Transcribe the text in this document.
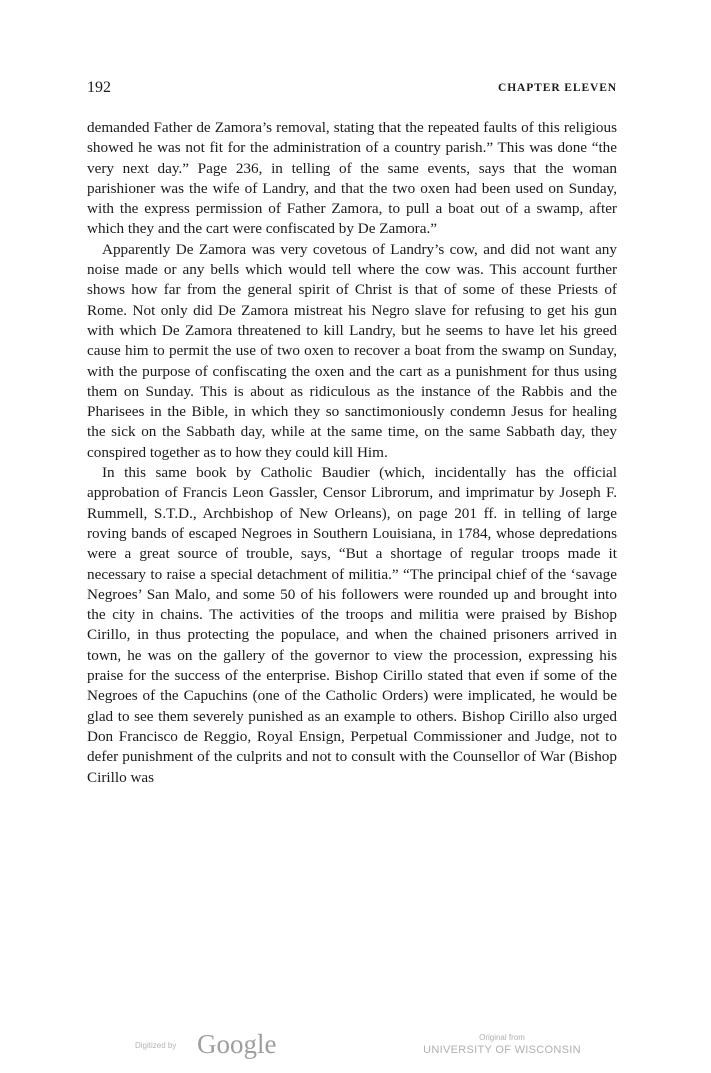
192	CHAPTER ELEVEN

demanded Father de Zamora’s removal, stating that the repeated faults of this religious showed he was not fit for the administration of a country parish.” This was done “the very next day.” Page 236, in telling of the same events, says that the woman parishioner was the wife of Landry, and that the two oxen had been used on Sunday, with the express permission of Father Zamora, to pull a boat out of a swamp, after which they and the cart were confiscated by De Zamora.”

Apparently De Zamora was very covetous of Landry’s cow, and did not want any noise made or any bells which would tell where the cow was. This account further shows how far from the general spirit of Christ is that of some of these Priests of Rome. Not only did De Zamora mistreat his Negro slave for refusing to get his gun with which De Zamora threatened to kill Landry, but he seems to have let his greed cause him to permit the use of two oxen to recover a boat from the swamp on Sunday, with the purpose of confiscating the oxen and the cart as a punishment for thus using them on Sunday. This is about as ridiculous as the instance of the Rabbis and the Pharisees in the Bible, in which they so sanctimoniously condemn Jesus for healing the sick on the Sabbath day, while at the same time, on the same Sabbath day, they conspired together as to how they could kill Him.

In this same book by Catholic Baudier (which, incidentally has the official approbation of Francis Leon Gassler, Censor Librorum, and imprimatur by Joseph F. Rummell, S.T.D., Archbishop of New Orleans), on page 201 ff. in telling of large roving bands of escaped Negroes in Southern Louisiana, in 1784, whose depredations were a great source of trouble, says, “But a shortage of regular troops made it necessary to raise a special detachment of militia.” “The principal chief of the ‘savage Negroes’ San Malo, and some 50 of his followers were rounded up and brought into the city in chains. The activities of the troops and militia were praised by Bishop Cirillo, in thus protecting the populace, and when the chained prisoners arrived in town, he was on the gallery of the governor to view the procession, expressing his praise for the success of the enterprise. Bishop Cirillo stated that even if some of the Negroes of the Capuchins (one of the Catholic Orders) were implicated, he would be glad to see them severely punished as an example to others. Bishop Cirillo also urged Don Francisco de Reggio, Royal Ensign, Perpetual Commissioner and Judge, not to defer punishment of the culprits and not to consult with the Counsellor of War (Bishop Cirillo was

Digitized by Google	Original from
UNIVERSITY OF WISCONSIN
